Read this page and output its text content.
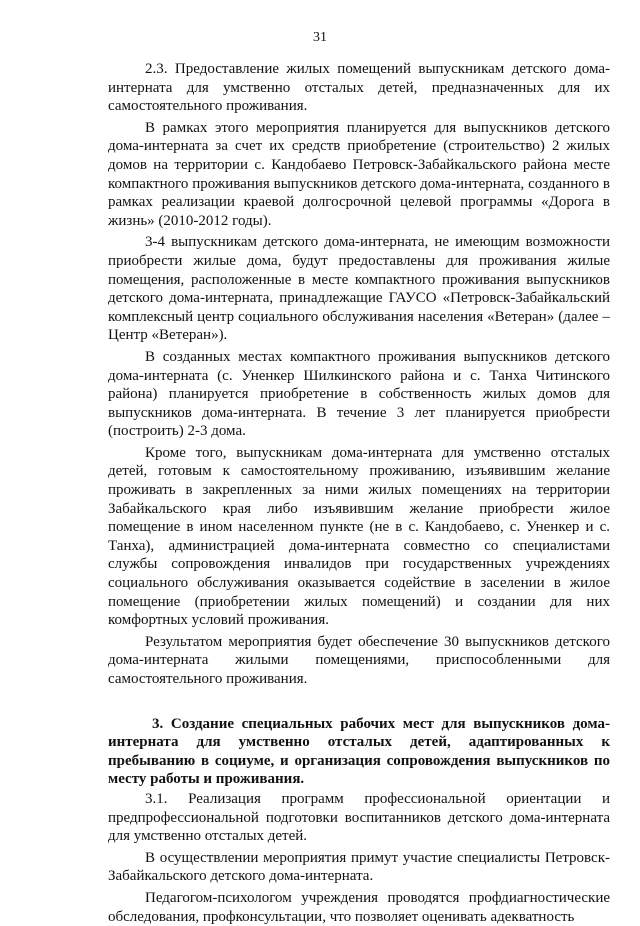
31

2.3. Предоставление жилых помещений выпускникам детского дома-интерната для умственно отсталых детей, предназначенных для их самостоятельного проживания.

В рамках этого мероприятия планируется для выпускников детского дома-интерната за счет их средств приобретение (строительство) 2 жилых домов на территории с. Кандобаево Петровск-Забайкальского района месте компактного проживания выпускников детского дома-интерната, созданного в рамках реализации краевой долгосрочной целевой программы «Дорога в жизнь» (2010-2012 годы).

3-4 выпускникам детского дома-интерната, не имеющим возможности приобрести жилые дома, будут предоставлены для проживания жилые помещения, расположенные в месте компактного проживания выпускников детского дома-интерната, принадлежащие ГАУСО «Петровск-Забайкальский комплексный центр социального обслуживания населения «Ветеран» (далее – Центр «Ветеран»).

В созданных местах компактного проживания выпускников детского дома-интерната (с. Уненкер Шилкинского района и с. Танха Читинского района) планируется приобретение в собственность жилых домов для выпускников дома-интерната. В течение 3 лет планируется приобрести (построить) 2-3 дома.

Кроме того, выпускникам дома-интерната для умственно отсталых детей, готовым к самостоятельному проживанию, изъявившим желание проживать в закрепленных за ними жилых помещениях на территории Забайкальского края либо изъявившим желание приобрести жилое помещение в ином населенном пункте (не в с. Кандобаево, с. Уненкер и с. Танха), администрацией дома-интерната совместно со специалистами службы сопровождения инвалидов при государственных учреждениях социального обслуживания оказывается содействие в заселении в жилое помещение (приобретении жилых помещений) и создании для них комфортных условий проживания.

Результатом мероприятия будет обеспечение 30 выпускников детского дома-интерната жилыми помещениями, приспособленными для самостоятельного проживания.

3. Создание специальных рабочих мест для выпускников дома-интерната для умственно отсталых детей, адаптированных к пребыванию в социуме, и организация сопровождения выпускников по месту работы и проживания.

3.1. Реализация программ профессиональной ориентации и предпрофессиональной подготовки воспитанников детского дома-интерната для умственно отсталых детей.

В осуществлении мероприятия примут участие специалисты Петровск-Забайкальского детского дома-интерната.

Педагогом-психологом учреждения проводятся профдиагностические обследования, профконсультации, что позволяет оценивать адекватность
